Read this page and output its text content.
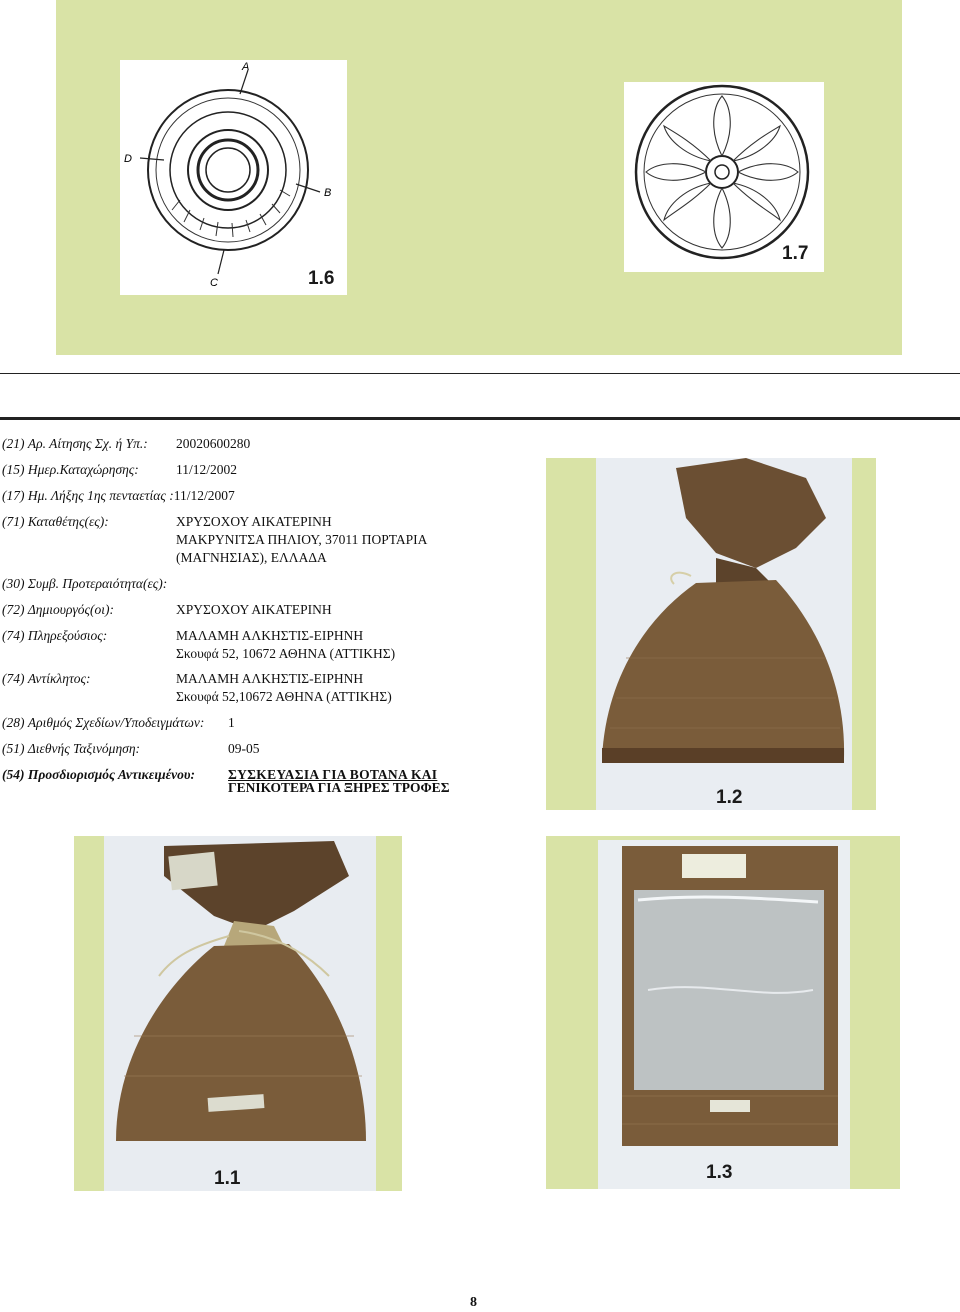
A
B
C
D
1.6
1.7
(21) Αρ. Αίτησης Σχ. ή Υπ.: 20020600280
(15) Ημερ.Καταχώρησης:	11/12/2002
(17) Ημ. Λήξης 1ης πενταετίας :11/12/2007
(71) Καταθέτης(ες):	ΧΡΥΣΟΧΟΥ ΑΙΚΑΤΕΡΙΝΗ
ΜΑΚΡΥΝΙΤΣΑ ΠΗΛΙΟΥ, 37011 ΠΟΡΤΑΡΙΑ
(ΜΑΓΝΗΣΙΑΣ), ΕΛΛΑΔΑ
(30) Συμβ. Προτεραιότητα(ες):
(72) Δημιουργός(οι):	ΧΡΥΣΟΧΟΥ ΑΙΚΑΤΕΡΙΝΗ
(74) Πληρεξούσιος:	ΜΑΛΑΜΗ ΑΛΚΗΣΤΙΣ-ΕΙΡΗΝΗ
Σκουφά 52, 10672 ΑΘΗΝΑ (ΑΤΤΙΚΗΣ)
(74) Αντίκλητος:	ΜΑΛΑΜΗ ΑΛΚΗΣΤΙΣ-ΕΙΡΗΝΗ
Σκουφά 52,10672 ΑΘΗΝΑ (ΑΤΤΙΚΗΣ)
(28) Αριθμός Σχεδίων/Υποδειγμάτων: 1
(51) Διεθνής Ταξινόμηση:	09-05
(54) Προσδιορισμός Αντικειμένου: ΣΥΣΚΕΥΑΣΙΑ ΓΙΑ ΒΟΤΑΝΑ ΚΑΙ
ΓΕΝΙΚΟΤΕΡΑ ΓΙΑ ΞΗΡΕΣ ΤΡΟΦΕΣ	1.2
1.1	1.3
8
